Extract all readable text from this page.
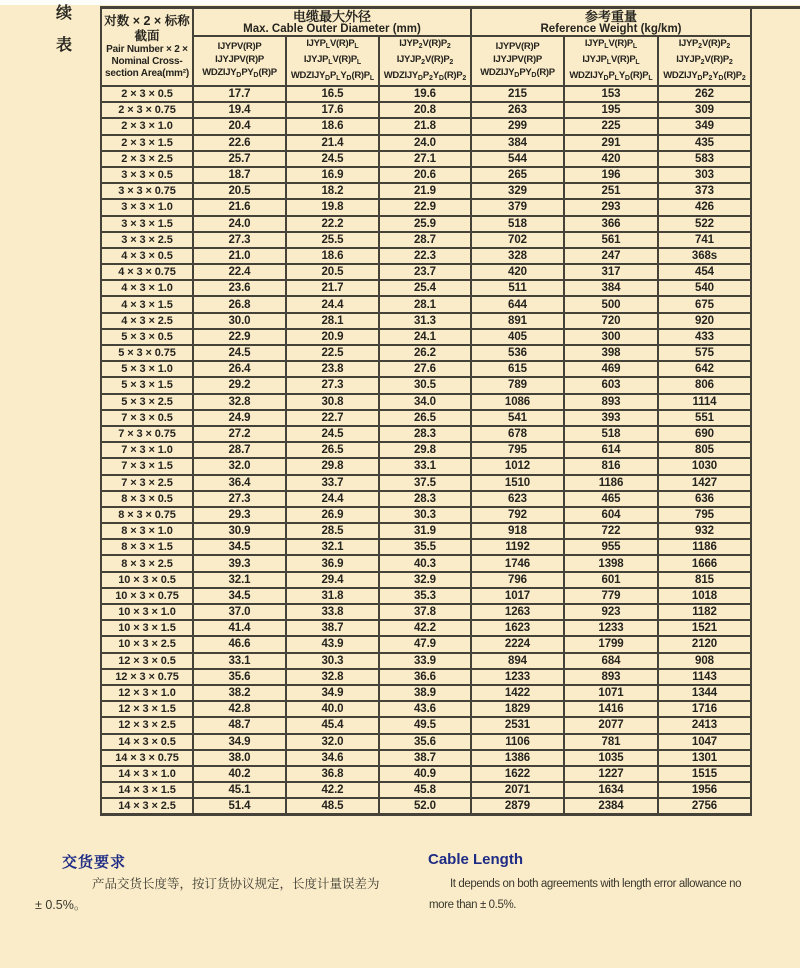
续
表
对数 × 2 × 标称
截面
Pair Number × 2 ×
Nominal Cross-
section Area(mm²)

电缆最大外径
Max. Cable Outer Diameter (mm)

参考重量
Reference Weight (kg/km)

IJYPV(R)P
IJYJPV(R)P
$WDZIJY_DPY_D(R)P$

$IJYP_LV(R)P_L$
$IJYJP_LV(R)P_L$
$WDZIJY_DP_LY_D(R)P_L$

$IJYP_2V(R)P_2$
$IJYJP_2V(R)P_2$
$WDZIJY_DP_2Y_D(R)P_2$

IJYPV(R)P
IJYJPV(R)P
$WDZIJY_DPY_D(R)P$

$IJYP_LV(R)P_L$
$IJYJP_LV(R)P_L$
$WDZIJY_DP_LY_D(R)P_L$

$IJYP_2V(R)P_2$
$IJYJP_2V(R)P_2$
$WDZIJY_DP_2Y_D(R)P_2$

2 × 3 × 0.5	17.7	16.5	19.6	215	153	262
2 × 3 × 0.75	19.4	17.6	20.8	263	195	309
2 × 3 × 1.0	20.4	18.6	21.8	299	225	349
2 × 3 × 1.5	22.6	21.4	24.0	384	291	435
2 × 3 × 2.5	25.7	24.5	27.1	544	420	583
3 × 3 × 0.5	18.7	16.9	20.6	265	196	303
3 × 3 × 0.75	20.5	18.2	21.9	329	251	373
3 × 3 × 1.0	21.6	19.8	22.9	379	293	426
3 × 3 × 1.5	24.0	22.2	25.9	518	366	522
3 × 3 × 2.5	27.3	25.5	28.7	702	561	741
4 × 3 × 0.5	21.0	18.6	22.3	328	247	368s
4 × 3 × 0.75	22.4	20.5	23.7	420	317	454
4 × 3 × 1.0	23.6	21.7	25.4	511	384	540
4 × 3 × 1.5	26.8	24.4	28.1	644	500	675
4 × 3 × 2.5	30.0	28.1	31.3	891	720	920
5 × 3 × 0.5	22.9	20.9	24.1	405	300	433
5 × 3 × 0.75	24.5	22.5	26.2	536	398	575
5 × 3 × 1.0	26.4	23.8	27.6	615	469	642
5 × 3 × 1.5	29.2	27.3	30.5	789	603	806
5 × 3 × 2.5	32.8	30.8	34.0	1086	893	1114
7 × 3 × 0.5	24.9	22.7	26.5	541	393	551
7 × 3 × 0.75	27.2	24.5	28.3	678	518	690
7 × 3 × 1.0	28.7	26.5	29.8	795	614	805
7 × 3 × 1.5	32.0	29.8	33.1	1012	816	1030
7 × 3 × 2.5	36.4	33.7	37.5	1510	1186	1427
8 × 3 × 0.5	27.3	24.4	28.3	623	465	636
8 × 3 × 0.75	29.3	26.9	30.3	792	604	795
8 × 3 × 1.0	30.9	28.5	31.9	918	722	932
8 × 3 × 1.5	34.5	32.1	35.5	1192	955	1186
8 × 3 × 2.5	39.3	36.9	40.3	1746	1398	1666
10 × 3 × 0.5	32.1	29.4	32.9	796	601	815
10 × 3 × 0.75	34.5	31.8	35.3	1017	779	1018
10 × 3 × 1.0	37.0	33.8	37.8	1263	923	1182
10 × 3 × 1.5	41.4	38.7	42.2	1623	1233	1521
10 × 3 × 2.5	46.6	43.9	47.9	2224	1799	2120
12 × 3 × 0.5	33.1	30.3	33.9	894	684	908
12 × 3 × 0.75	35.6	32.8	36.6	1233	893	1143
12 × 3 × 1.0	38.2	34.9	38.9	1422	1071	1344
12 × 3 × 1.5	42.8	40.0	43.6	1829	1416	1716
12 × 3 × 2.5	48.7	45.4	49.5	2531	2077	2413
14 × 3 × 0.5	34.9	32.0	35.6	1106	781	1047
14 × 3 × 0.75	38.0	34.6	38.7	1386	1035	1301
14 × 3 × 1.0	40.2	36.8	40.9	1622	1227	1515
14 × 3 × 1.5	45.1	42.2	45.8	2071	1634	1956
14 × 3 × 2.5	51.4	48.5	52.0	2879	2384	2756
交货要求
产品交货长度等，按订货协议规定，长度计量误差为
± 0.5%。
Cable Length
It depends on both agreements with length error allowance no
more than ± 0.5%.
